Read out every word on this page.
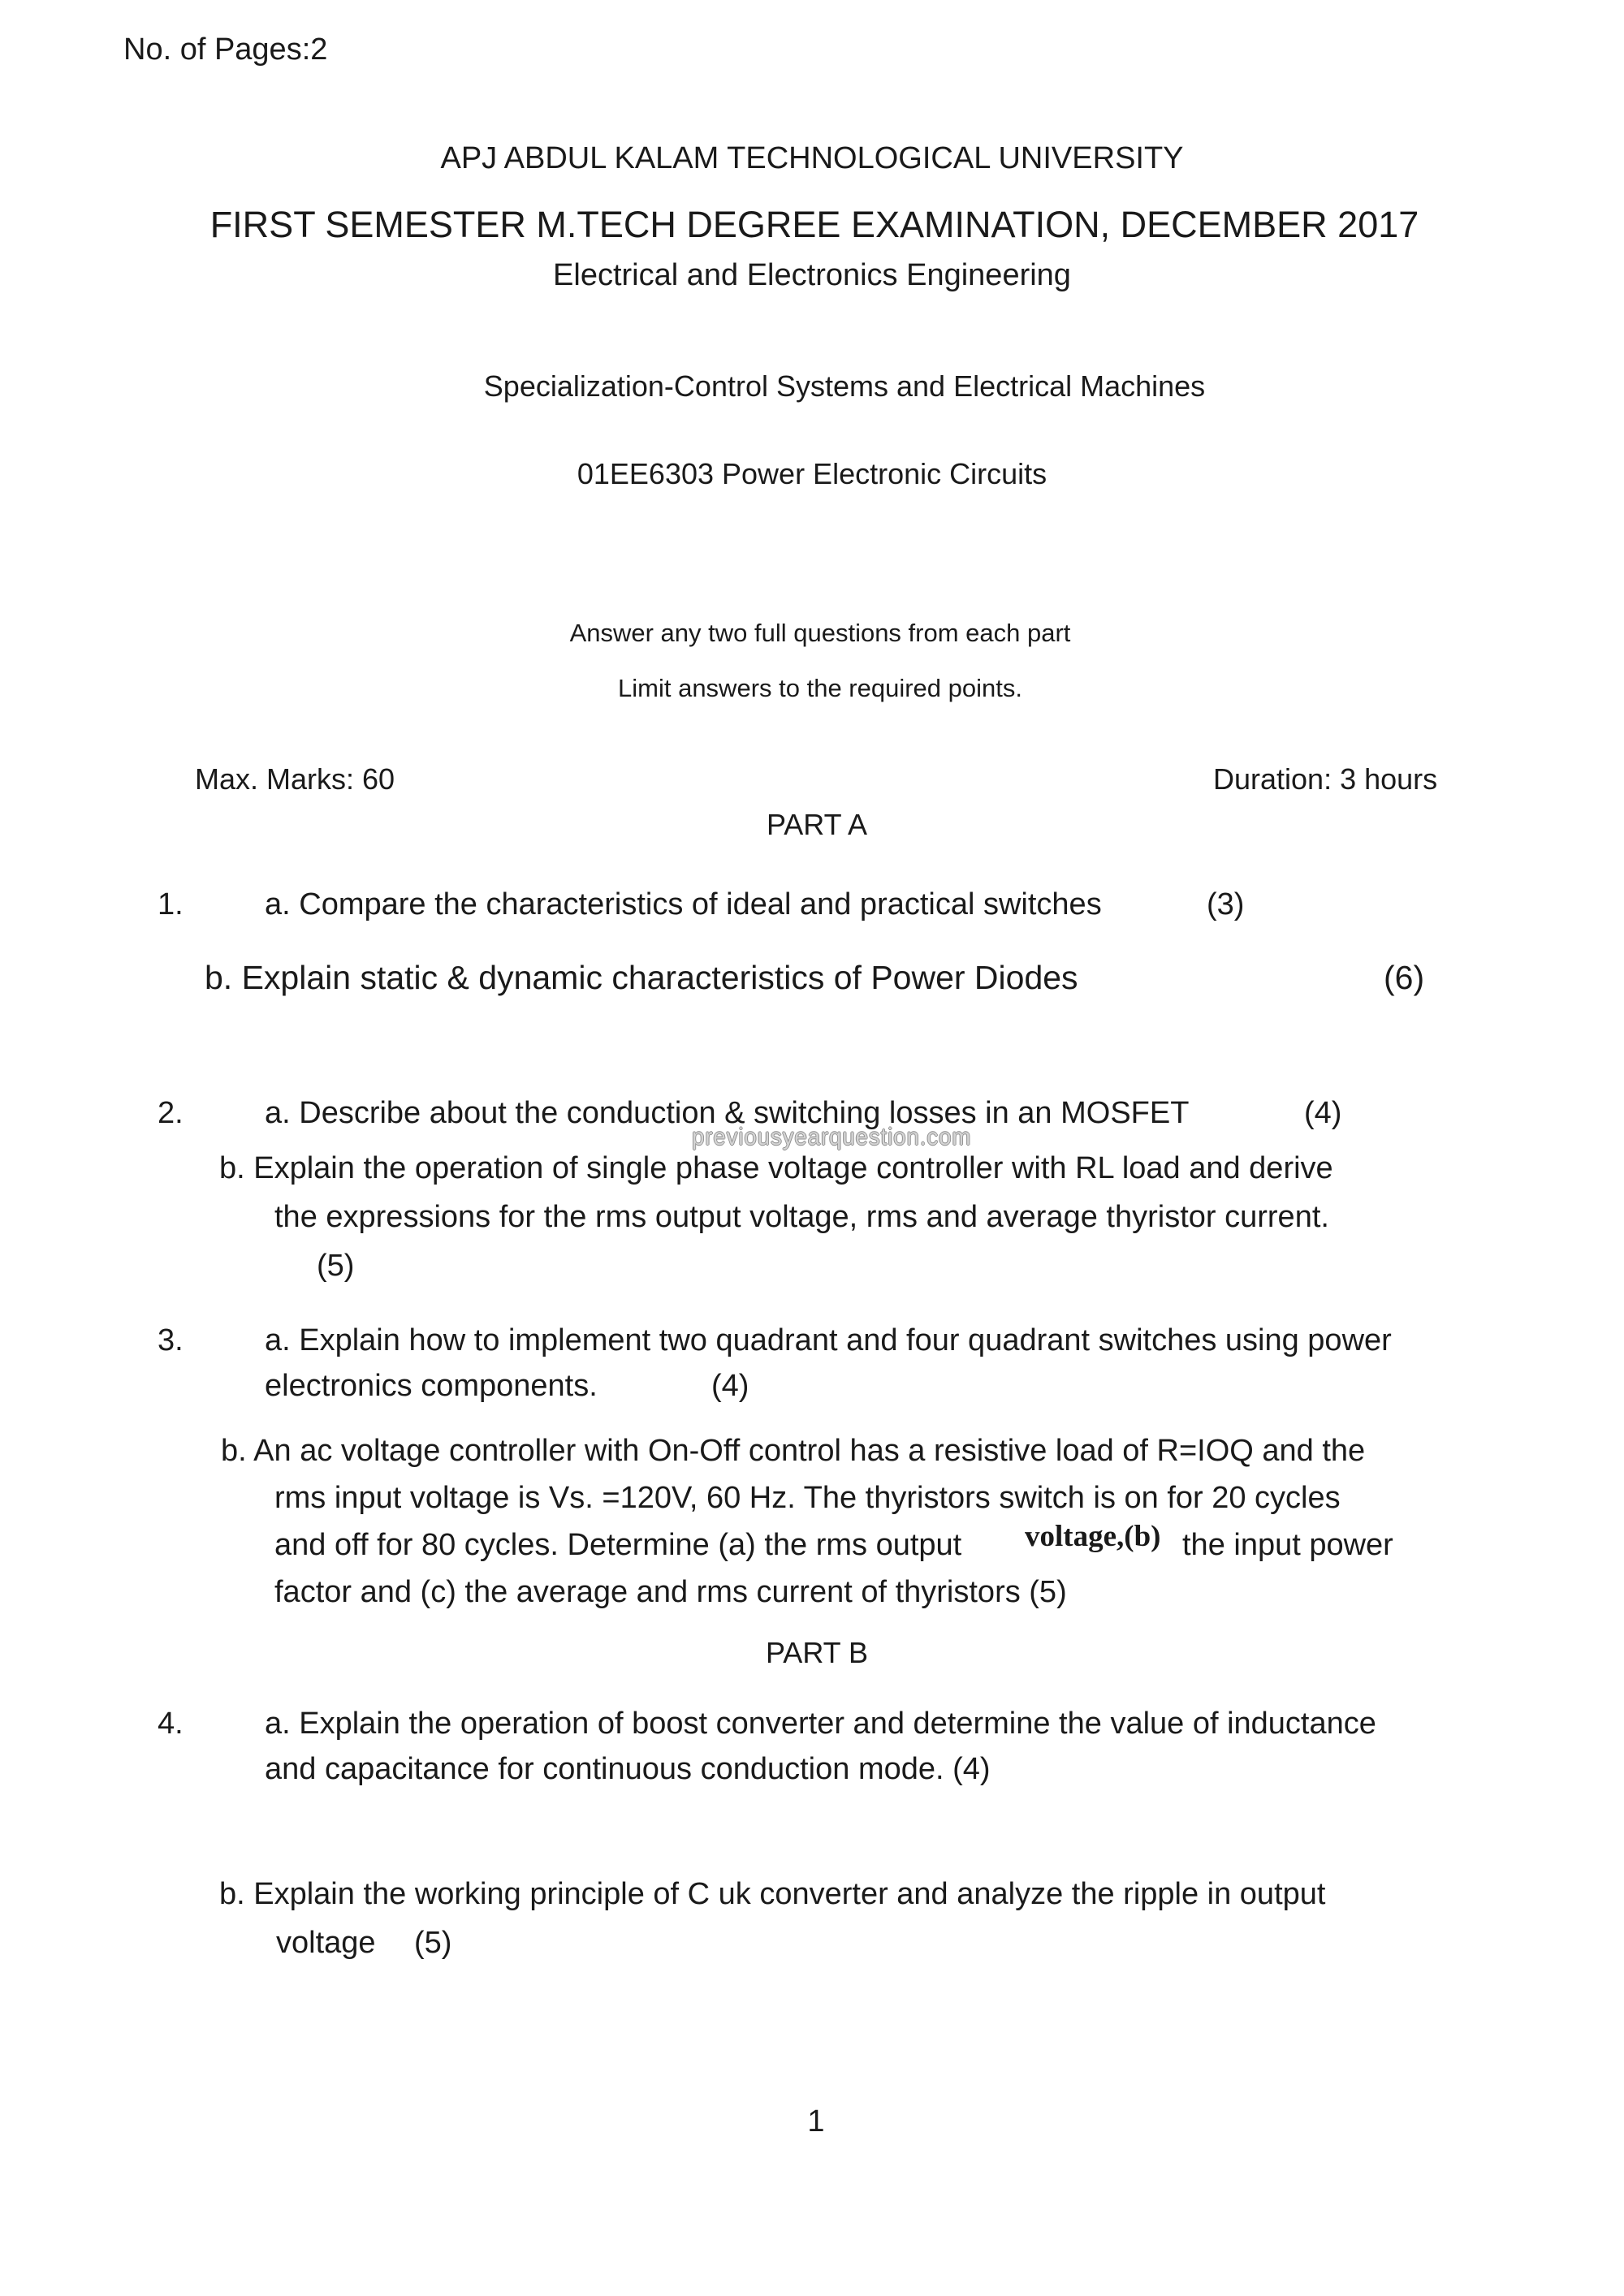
No. of Pages:2
APJ ABDUL KALAM TECHNOLOGICAL UNIVERSITY
FIRST SEMESTER M.TECH DEGREE EXAMINATION, DECEMBER 2017
Electrical and Electronics Engineering
Specialization-Control Systems and Electrical Machines
01EE6303 Power Electronic Circuits
Answer any two full questions from each part
Limit answers to the required points.
Max. Marks: 60	Duration: 3 hours
PART A
1.	a. Compare the characteristics of ideal and practical switches	(3)
b. Explain static & dynamic characteristics of Power Diodes	(6)
2.	a. Describe about the conduction & switching losses in an MOSFET	(4)
b. Explain the operation of single phase voltage controller with RL load and derive
the expressions for the rms output voltage, rms and average thyristor current.
(5)
previousyearquestion.com
3.	a. Explain how to implement two quadrant and four quadrant switches using power
electronics components.	(4)
b. An ac voltage controller with On-Off control has a resistive load of R=IOQ and the
rms input voltage is Vs. =120V, 60 Hz. The thyristors switch is on for 20 cycles
and off for 80 cycles. Determine (a) the rms output voltage,(b) the input power
factor and (c) the average and rms current of thyristors (5)
PART B
4.	a. Explain the operation of boost converter and determine the value of inductance
and capacitance for continuous conduction mode. (4)
b. Explain the working principle of C uk converter and analyze the ripple in output
voltage (5)
1
